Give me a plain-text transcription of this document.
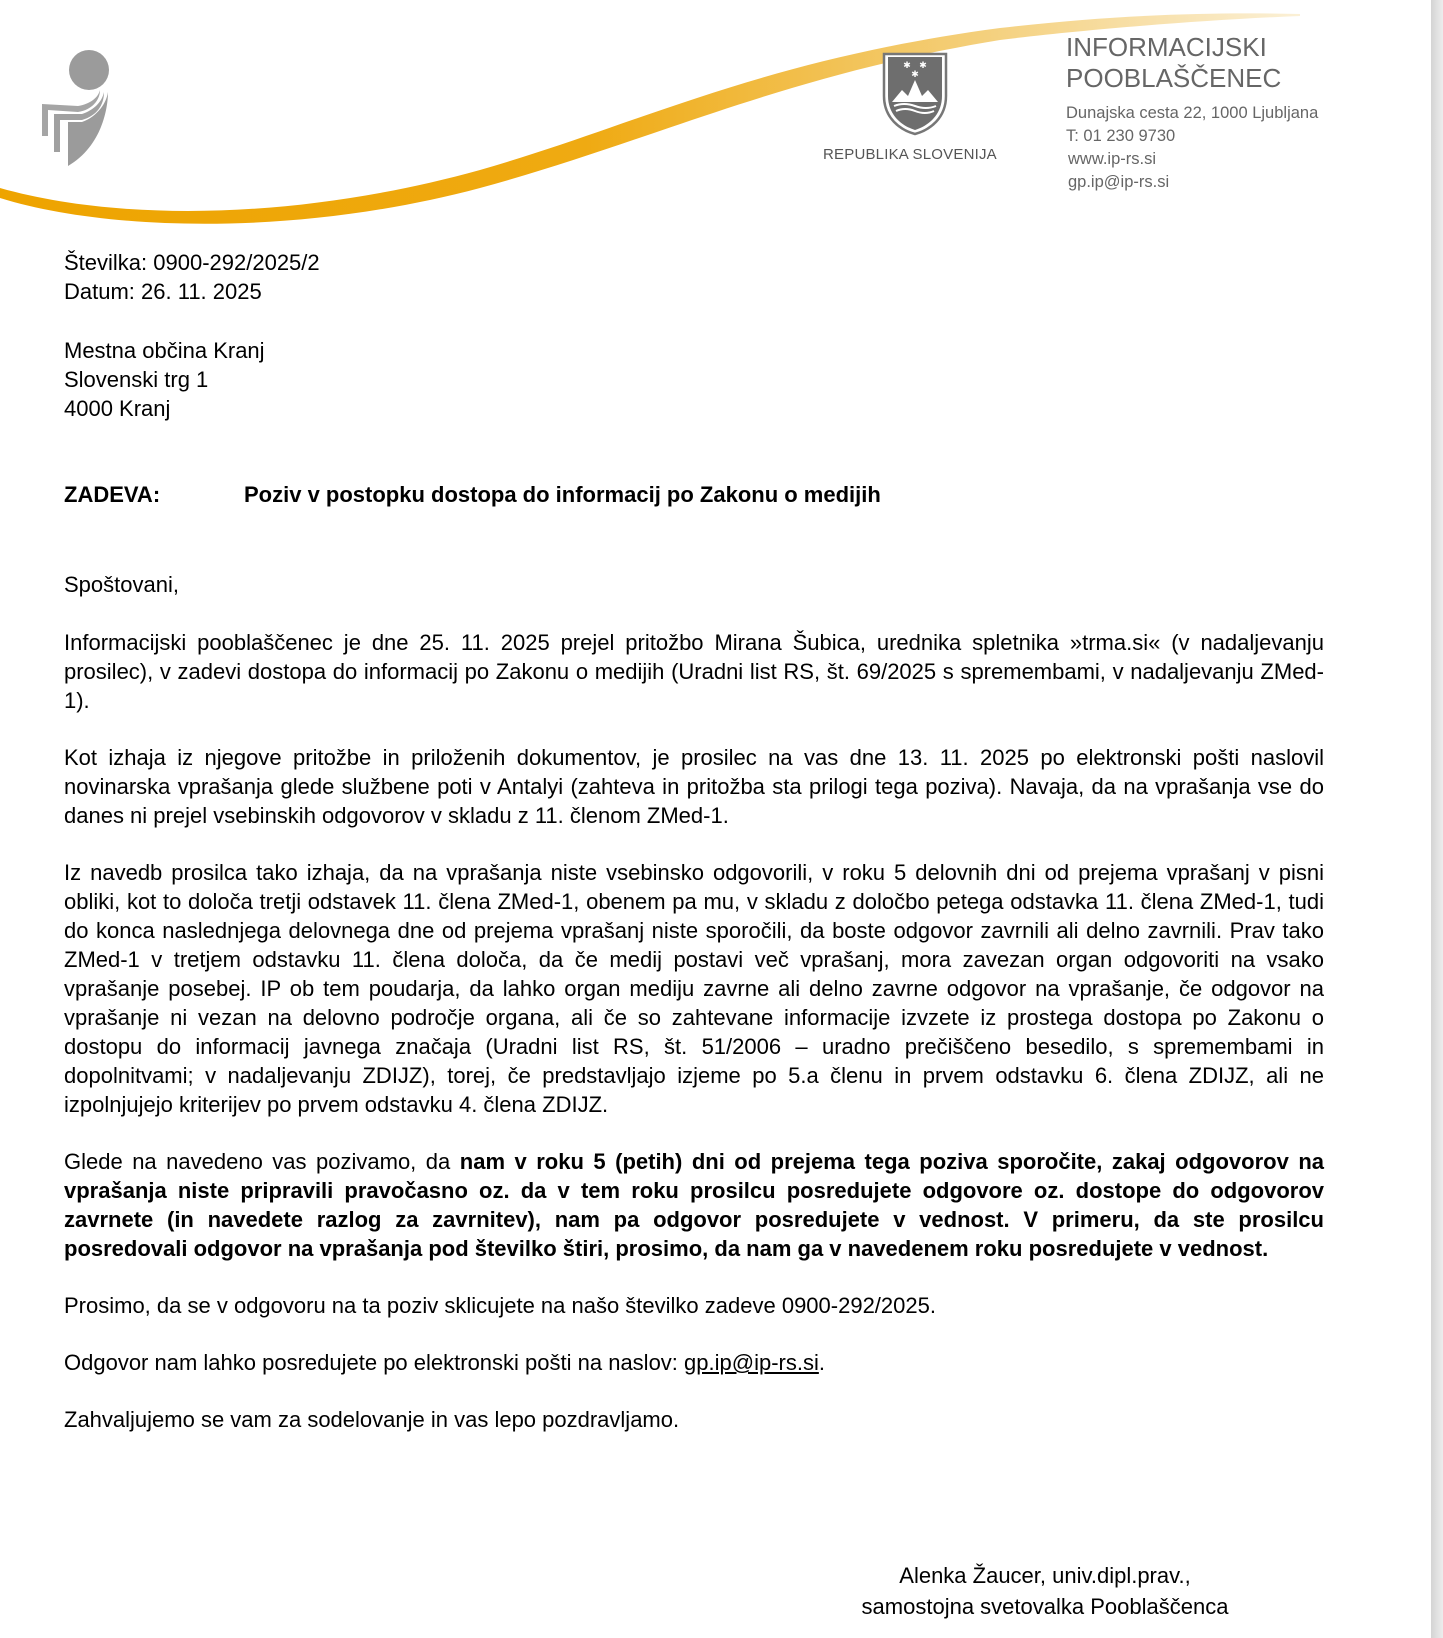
✱ ✱
✱
REPUBLIKA SLOVENIJA
INFORMACIJSKI
POOBLAŠČENEC
Dunajska cesta 22, 1000 Ljubljana
T: 01 230 9730
www.ip-rs.si
gp.ip@ip-rs.si
Številka: 0900-292/2025/2
Datum: 26. 11. 2025
Mestna občina Kranj
Slovenski trg 1
4000 Kranj
ZADEVA:	Poziv v postopku dostopa do informacij po Zakonu o medijih

Spoštovani,

Informacijski pooblaščenec je dne 25. 11. 2025 prejel pritožbo Mirana Šubica, urednika spletnika »trma.si« (v nadaljevanju prosilec), v zadevi dostopa do informacij po Zakonu o medijih (Uradni list RS, št. 69/2025 s spremembami, v nadaljevanju ZMed-1).

Kot izhaja iz njegove pritožbe in priloženih dokumentov, je prosilec na vas dne 13. 11. 2025 po elektronski pošti naslovil novinarska vprašanja glede službene poti v Antalyi (zahteva in pritožba sta prilogi tega poziva). Navaja, da na vprašanja vse do danes ni prejel vsebinskih odgovorov v skladu z 11. členom ZMed-1.

Iz navedb prosilca tako izhaja, da na vprašanja niste vsebinsko odgovorili, v roku 5 delovnih dni od prejema vprašanj v pisni obliki, kot to določa tretji odstavek 11. člena ZMed-1, obenem pa mu, v skladu z določbo petega odstavka 11. člena ZMed-1, tudi do konca naslednjega delovnega dne od prejema vprašanj niste sporočili, da boste odgovor zavrnili ali delno zavrnili. Prav tako ZMed-1 v tretjem odstavku 11. člena določa, da če medij postavi več vprašanj, mora zavezan organ odgovoriti na vsako vprašanje posebej. IP ob tem poudarja, da lahko organ mediju zavrne ali delno zavrne odgovor na vprašanje, če odgovor na vprašanje ni vezan na delovno področje organa, ali če so zahtevane informacije izvzete iz prostega dostopa po Zakonu o dostopu do informacij javnega značaja (Uradni list RS, št. 51/2006 – uradno prečiščeno besedilo, s spremembami in dopolnitvami; v nadaljevanju ZDIJZ), torej, če predstavljajo izjeme po 5.a členu in prvem odstavku 6. člena ZDIJZ, ali ne izpolnjujejo kriterijev po prvem odstavku 4. člena ZDIJZ.

Glede na navedeno vas pozivamo, da nam v roku 5 (petih) dni od prejema tega poziva sporočite, zakaj odgovorov na vprašanja niste pripravili pravočasno oz. da v tem roku prosilcu posredujete odgovore oz. dostope do odgovorov zavrnete (in navedete razlog za zavrnitev), nam pa odgovor posredujete v vednost. V primeru, da ste prosilcu posredovali odgovor na vprašanja pod številko štiri, prosimo, da nam ga v navedenem roku posredujete v vednost.

Prosimo, da se v odgovoru na ta poziv sklicujete na našo številko zadeve 0900-292/2025.

Odgovor nam lahko posredujete po elektronski pošti na naslov: gp.ip@ip-rs.si.

Zahvaljujemo se vam za sodelovanje in vas lepo pozdravljamo.

Alenka Žaucer, univ.dipl.prav.,
samostojna svetovalka Pooblaščenca
